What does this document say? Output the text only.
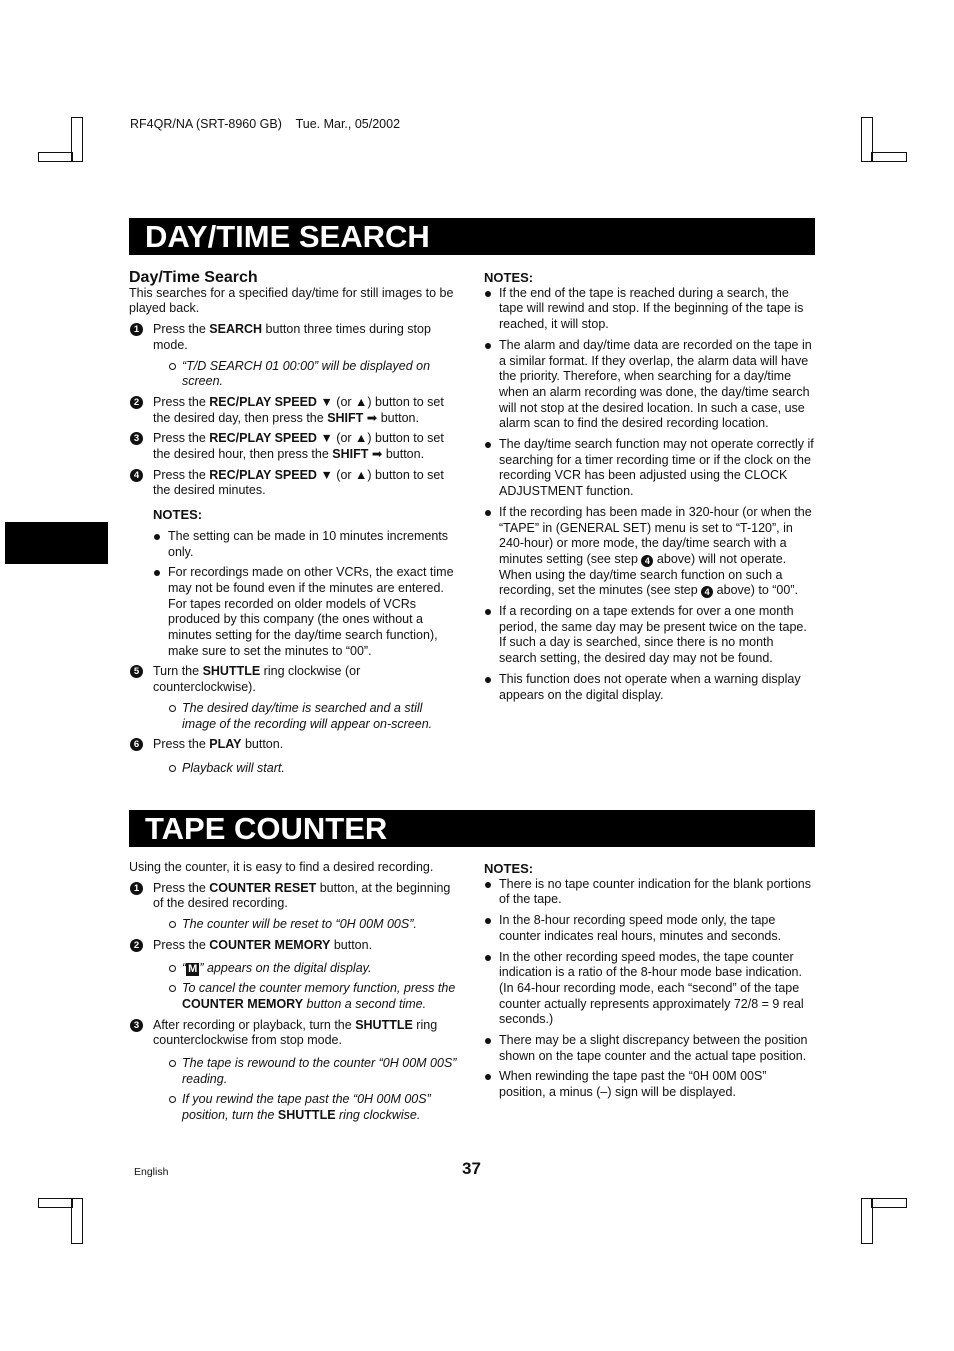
RF4QR/NA (SRT-8960 GB)    Tue. Mar., 05/2002
DAY/TIME SEARCH

Day/Time Search

This searches for a specified day/time for still images to be played back.

1	Press the SEARCH button three times during stop mode.
“T/D SEARCH 01 00:00” will be displayed on screen.
2	Press the REC/PLAY SPEED ▼ (or ▲) button to set the desired day, then press the SHIFT ➡ button.
3	Press the REC/PLAY SPEED ▼ (or ▲) button to set the desired hour, then press the SHIFT ➡ button.
4	Press the REC/PLAY SPEED ▼ (or ▲) button to set the desired minutes.

NOTES:

The setting can be made in 10 minutes increments only.
For recordings made on other VCRs, the exact time may not be found even if the minutes are entered. For tapes recorded on older models of VCRs produced by this company (the ones without a minutes setting for the day/time search function), make sure to set the minutes to “00”.
5	Turn the SHUTTLE ring clockwise (or counterclockwise).
The desired day/time is searched and a still image of the recording will appear on-screen.
6	Press the PLAY button.
Playback will start.

NOTES:

If the end of the tape is reached during a search, the tape will rewind and stop. If the beginning of the tape is reached, it will stop.
The alarm and day/time data are recorded on the tape in a similar format. If they overlap, the alarm data will have the priority. Therefore, when searching for a day/time when an alarm recording was done, the day/time search will not stop at the desired location. In such a case, use alarm scan to find the desired recording location.
The day/time search function may not operate correctly if searching for a timer recording time or if the clock on the recording VCR has been adjusted using the CLOCK ADJUSTMENT function.
If the recording has been made in 320-hour (or when the “TAPE” in (GENERAL SET) menu is set to “T-120”, in 240-hour) or more mode, the day/time search with a minutes setting (see step 4 above) will not operate. When using the day/time search function on such a recording, set the minutes (see step 4 above) to “00”.
If a recording on a tape extends for over a one month period, the same day may be present twice on the tape. If such a day is searched, since there is no month search setting, the desired day may not be found.
This function does not operate when a warning display appears on the digital display.
TAPE COUNTER

Using the counter, it is easy to find a desired recording.

1	Press the COUNTER RESET button, at the beginning of the desired recording.
The counter will be reset to “0H 00M 00S”.
2	Press the COUNTER MEMORY button.
“ M ” appears on the digital display.
To cancel the counter memory function, press the COUNTER MEMORY button a second time.
3	After recording or playback, turn the SHUTTLE ring counterclockwise from stop mode.
The tape is rewound to the counter “0H 00M 00S” reading.
If you rewind the tape past the “0H 00M 00S” position, turn the SHUTTLE ring clockwise.

NOTES:

There is no tape counter indication for the blank portions of the tape.
In the 8-hour recording speed mode only, the tape counter indicates real hours, minutes and seconds.
In the other recording speed modes, the tape counter indication is a ratio of the 8-hour mode base indication. (In 64-hour recording mode, each “second” of the tape counter actually represents approximately 72/8 = 9 real seconds.)
There may be a slight discrepancy between the position shown on the tape counter and the actual tape position.
When rewinding the tape past the “0H 00M 00S” position, a minus (–) sign will be displayed.
English	37
